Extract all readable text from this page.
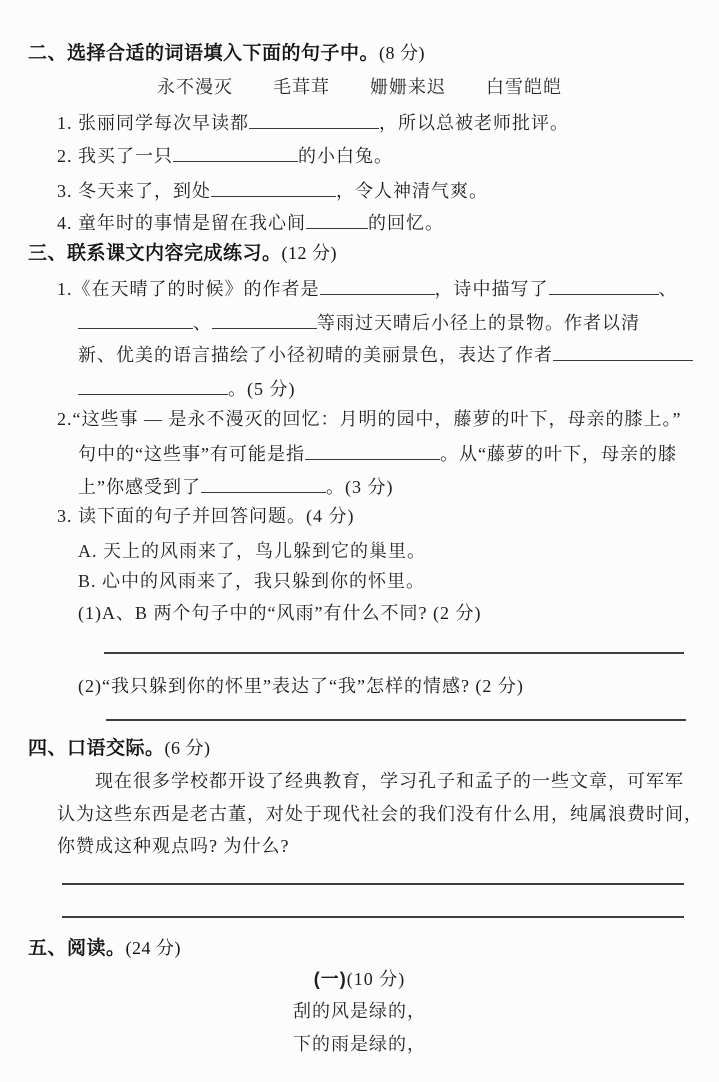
二、选择合适的词语填入下面的句子中。(8 分)
永不漫灭 毛茸茸 姗姗来迟 白雪皑皑
1. 张丽同学每次早读都	，所以总被老师批评。
2. 我买了一只	的小白兔。
3. 冬天来了，到处	，令人神清气爽。
4. 童年时的事情是留在我心间	的回忆。
三、联系课文内容完成练习。(12 分)
1.《在天晴了的时候》的作者是	，诗中描写了	、
、	等雨过天晴后小径上的景物。作者以清
新、优美的语言描绘了小径初晴的美丽景色，表达了作者
。(5 分)
2.“这些事 — 是永不漫灭的回忆：月明的园中，藤萝的叶下，母亲的膝上。”
句中的“这些事”有可能是指	。从“藤萝的叶下，母亲的膝
上”你感受到了	。(3 分)
3. 读下面的句子并回答问题。(4 分)
A. 天上的风雨来了，鸟儿躲到它的巢里。
B. 心中的风雨来了，我只躲到你的怀里。
(1)A、B 两个句子中的“风雨”有什么不同? (2 分)
(2)“我只躲到你的怀里”表达了“我”怎样的情感? (2 分)
四、口语交际。(6 分)
现在很多学校都开设了经典教育，学习孔子和孟子的一些文章，可军军
认为这些东西是老古董，对处于现代社会的我们没有什么用，纯属浪费时间，
你赞成这种观点吗? 为什么?
五、阅读。(24 分)
(一)(10 分)
刮的风是绿的，
下的雨是绿的，
